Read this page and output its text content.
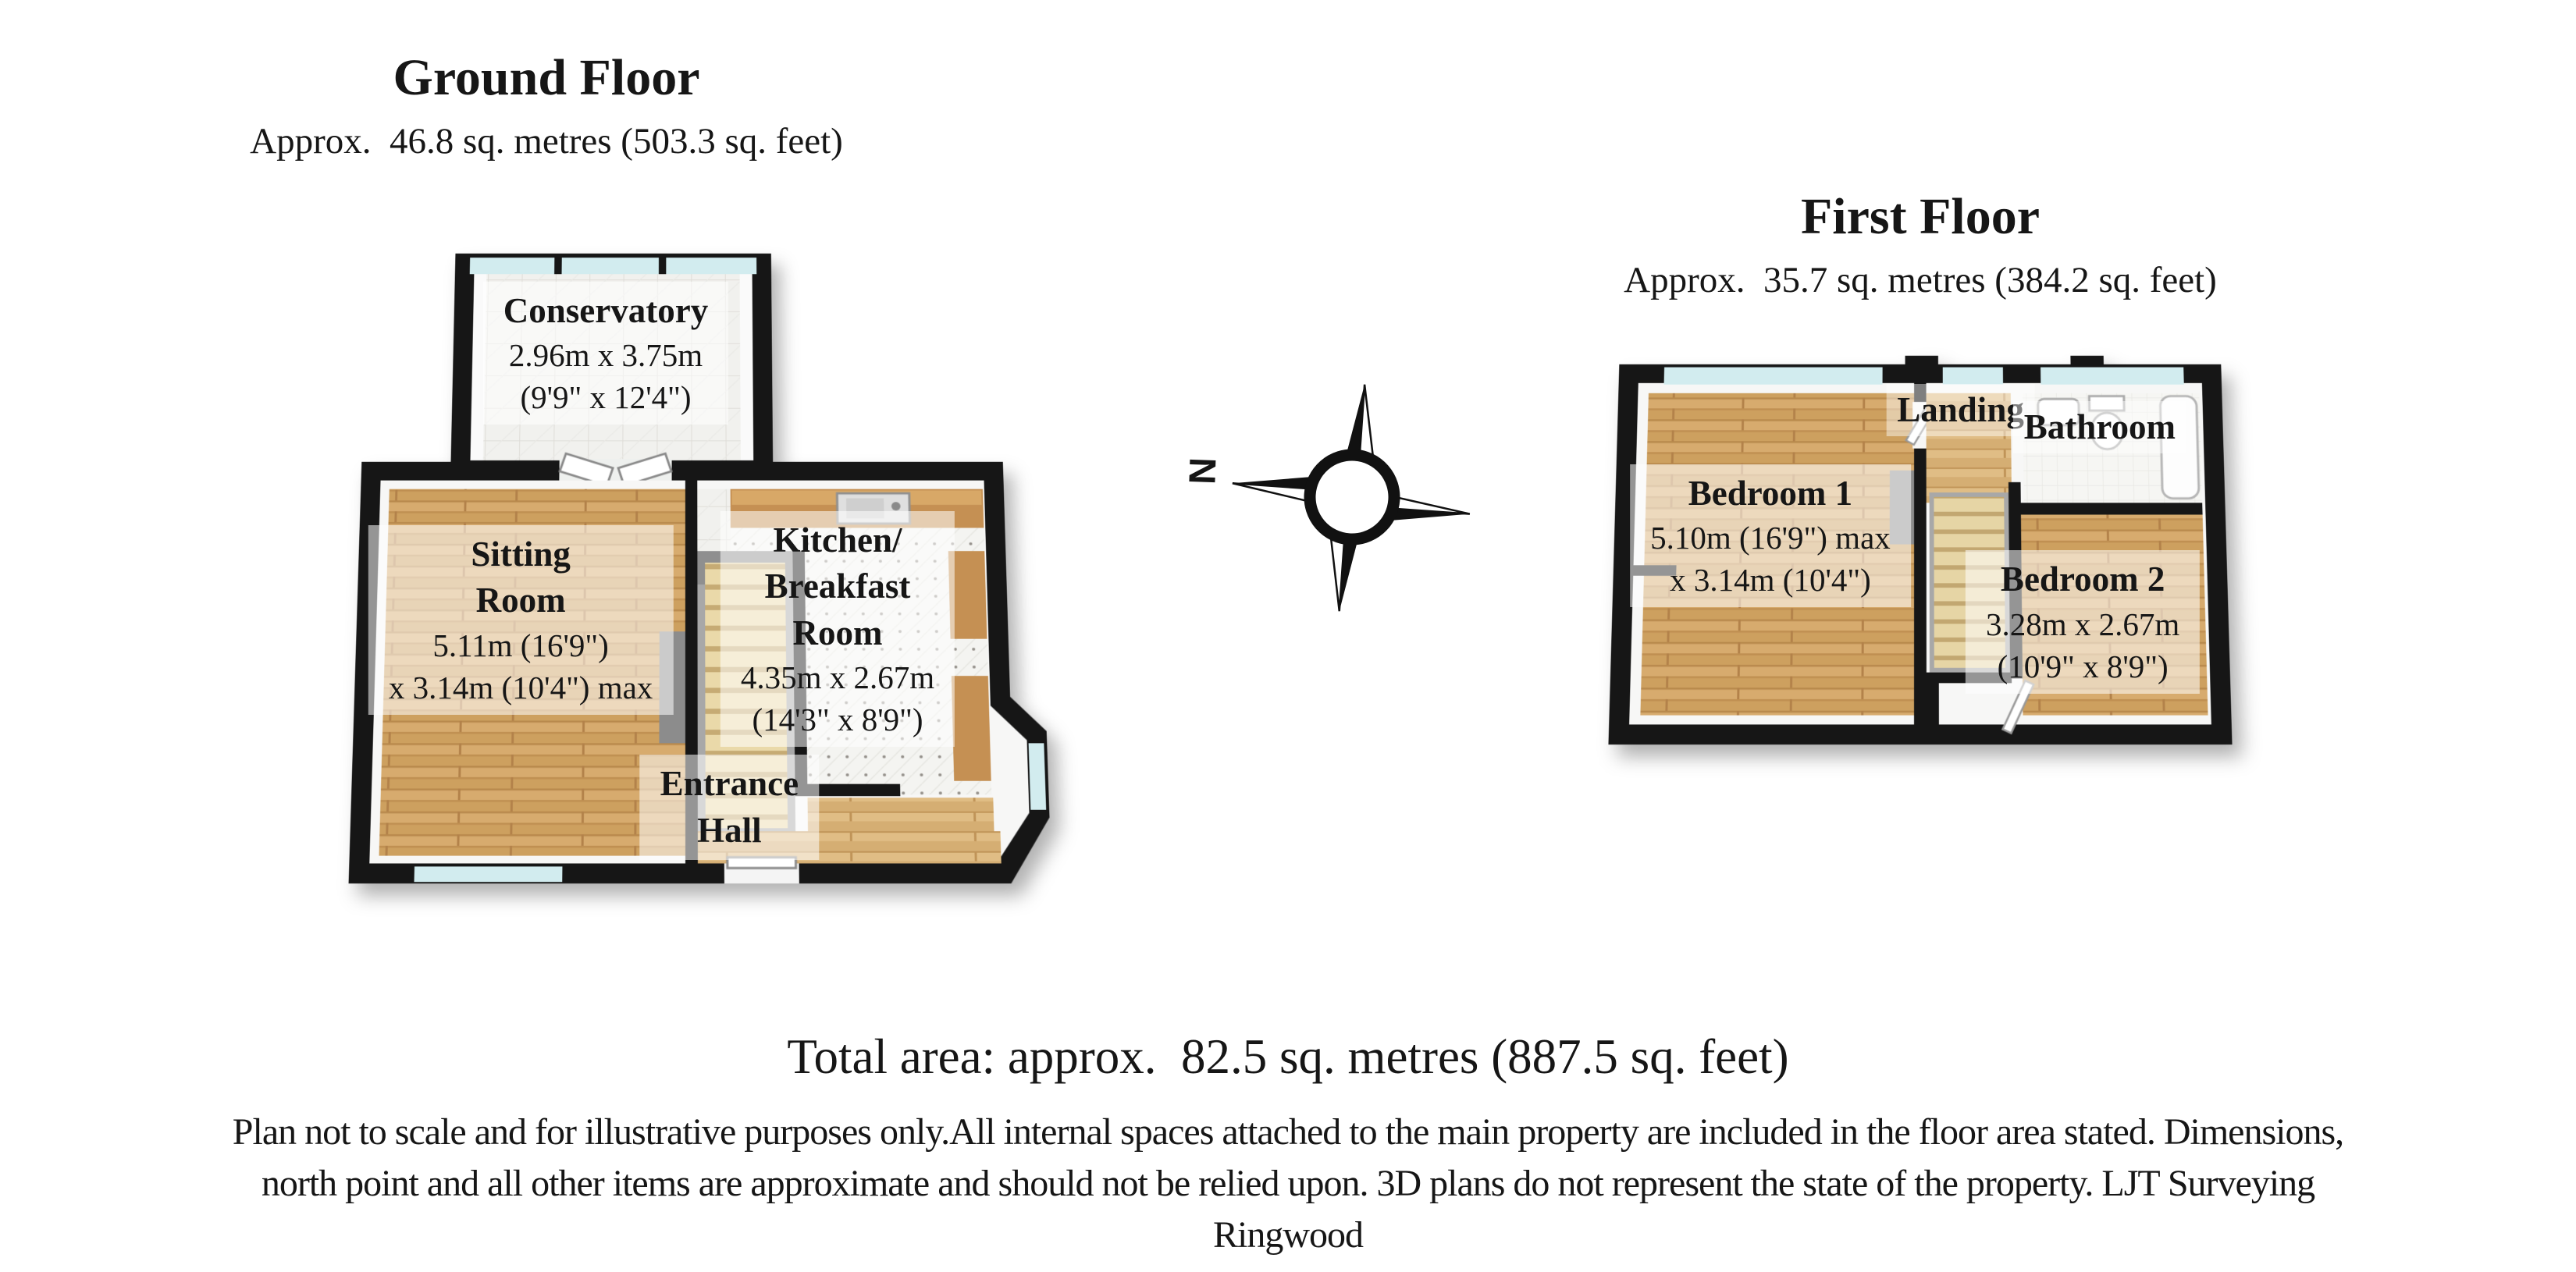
Ground Floor
Approx.  46.8 sq. metres (503.3 sq. feet)
First Floor
Approx.  35.7 sq. metres (384.2 sq. feet)
Conservatory
2.96m x 3.75m
(9'9" x 12'4")
Sitting
Room
5.11m (16'9")
x 3.14m (10'4") max
Kitchen/
Breakfast
Room
4.35m x 2.67m
(14'3" x 8'9")
Entrance
Hall
Bedroom 1
5.10m (16'9") max
x 3.14m (10'4")
Landing Bathroom
Bedroom 2
3.28m x 2.67m
(10'9" x 8'9")
N
Total area: approx.  82.5 sq. metres (887.5 sq. feet)
Plan not to scale and for illustrative purposes only.All internal spaces attached to the main property are included in the floor area stated. Dimensions,
north point and all other items are approximate and should not be relied upon. 3D plans do not represent the state of the property. LJT Surveying
Ringwood
